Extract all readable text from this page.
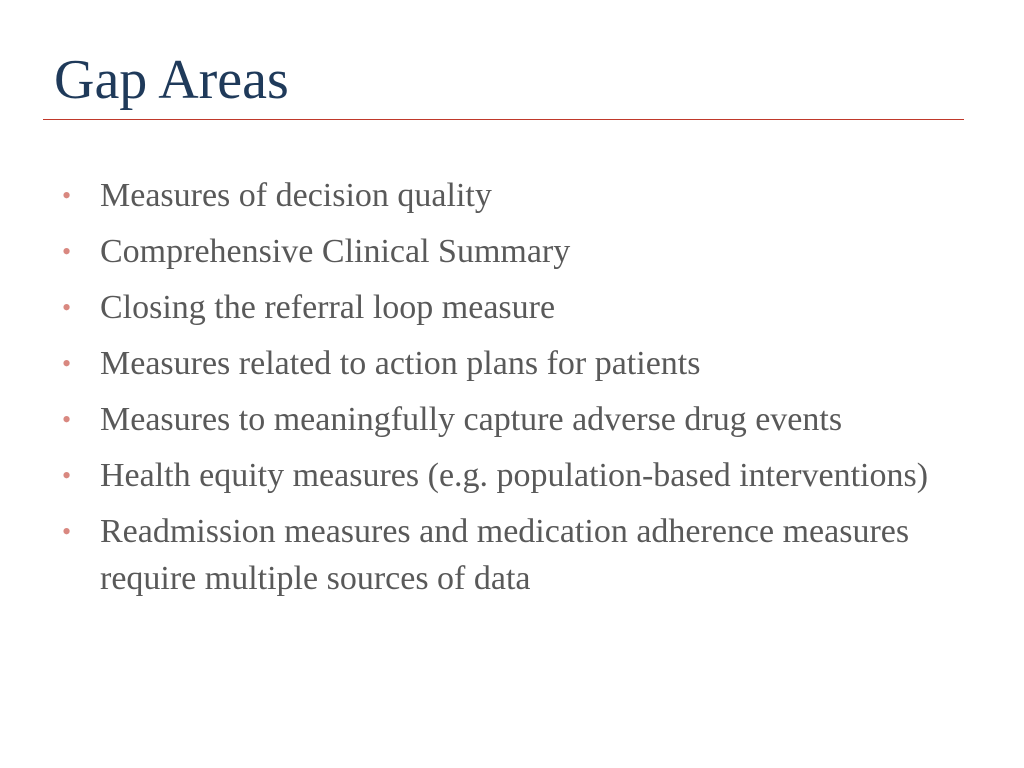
Gap Areas
• Measures of decision quality
• Comprehensive Clinical Summary
• Closing the referral loop measure
• Measures related to action plans for patients
• Measures to meaningfully capture adverse drug events
• Health equity measures (e.g. population-based interventions)
• Readmission measures and medication adherence measures require multiple sources of data
